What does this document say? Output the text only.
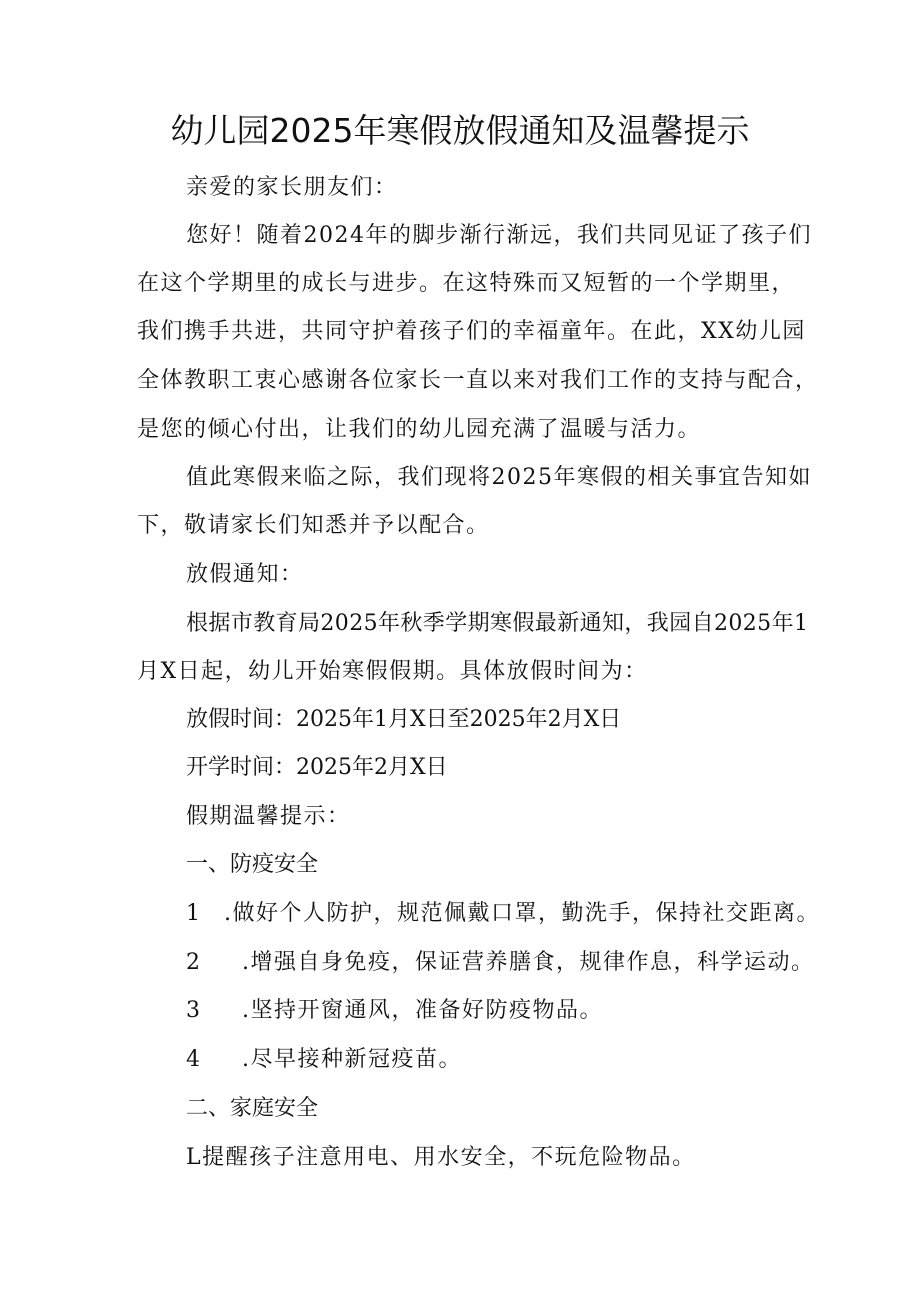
幼儿园2025年寒假放假通知及温馨提示

亲爱的家长朋友们：

您好！随着2024年的脚步渐行渐远，我们共同见证了孩子们

在这个学期里的成长与进步。在这特殊而又短暂的一个学期里，

我们携手共进，共同守护着孩子们的幸福童年。在此，XX幼儿园

全体教职工衷心感谢各位家长一直以来对我们工作的支持与配合，

是您的倾心付出，让我们的幼儿园充满了温暖与活力。

值此寒假来临之际，我们现将2025年寒假的相关事宜告知如

下，敬请家长们知悉并予以配合。

放假通知：

根据市教育局2025年秋季学期寒假最新通知，我园自2025年1

月X日起，幼儿开始寒假假期。具体放假时间为：

放假时间：2025年1月X日至2025年2月X日

开学时间：2025年2月X日

假期温馨提示：

一、防疫安全

1 .做好个人防护，规范佩戴口罩，勤洗手，保持社交距离。

2 .增强自身免疫，保证营养膳食，规律作息，科学运动。

3 .坚持开窗通风，准备好防疫物品。

4 .尽早接种新冠疫苗。

二、家庭安全

L提醒孩子注意用电、用水安全，不玩危险物品。
